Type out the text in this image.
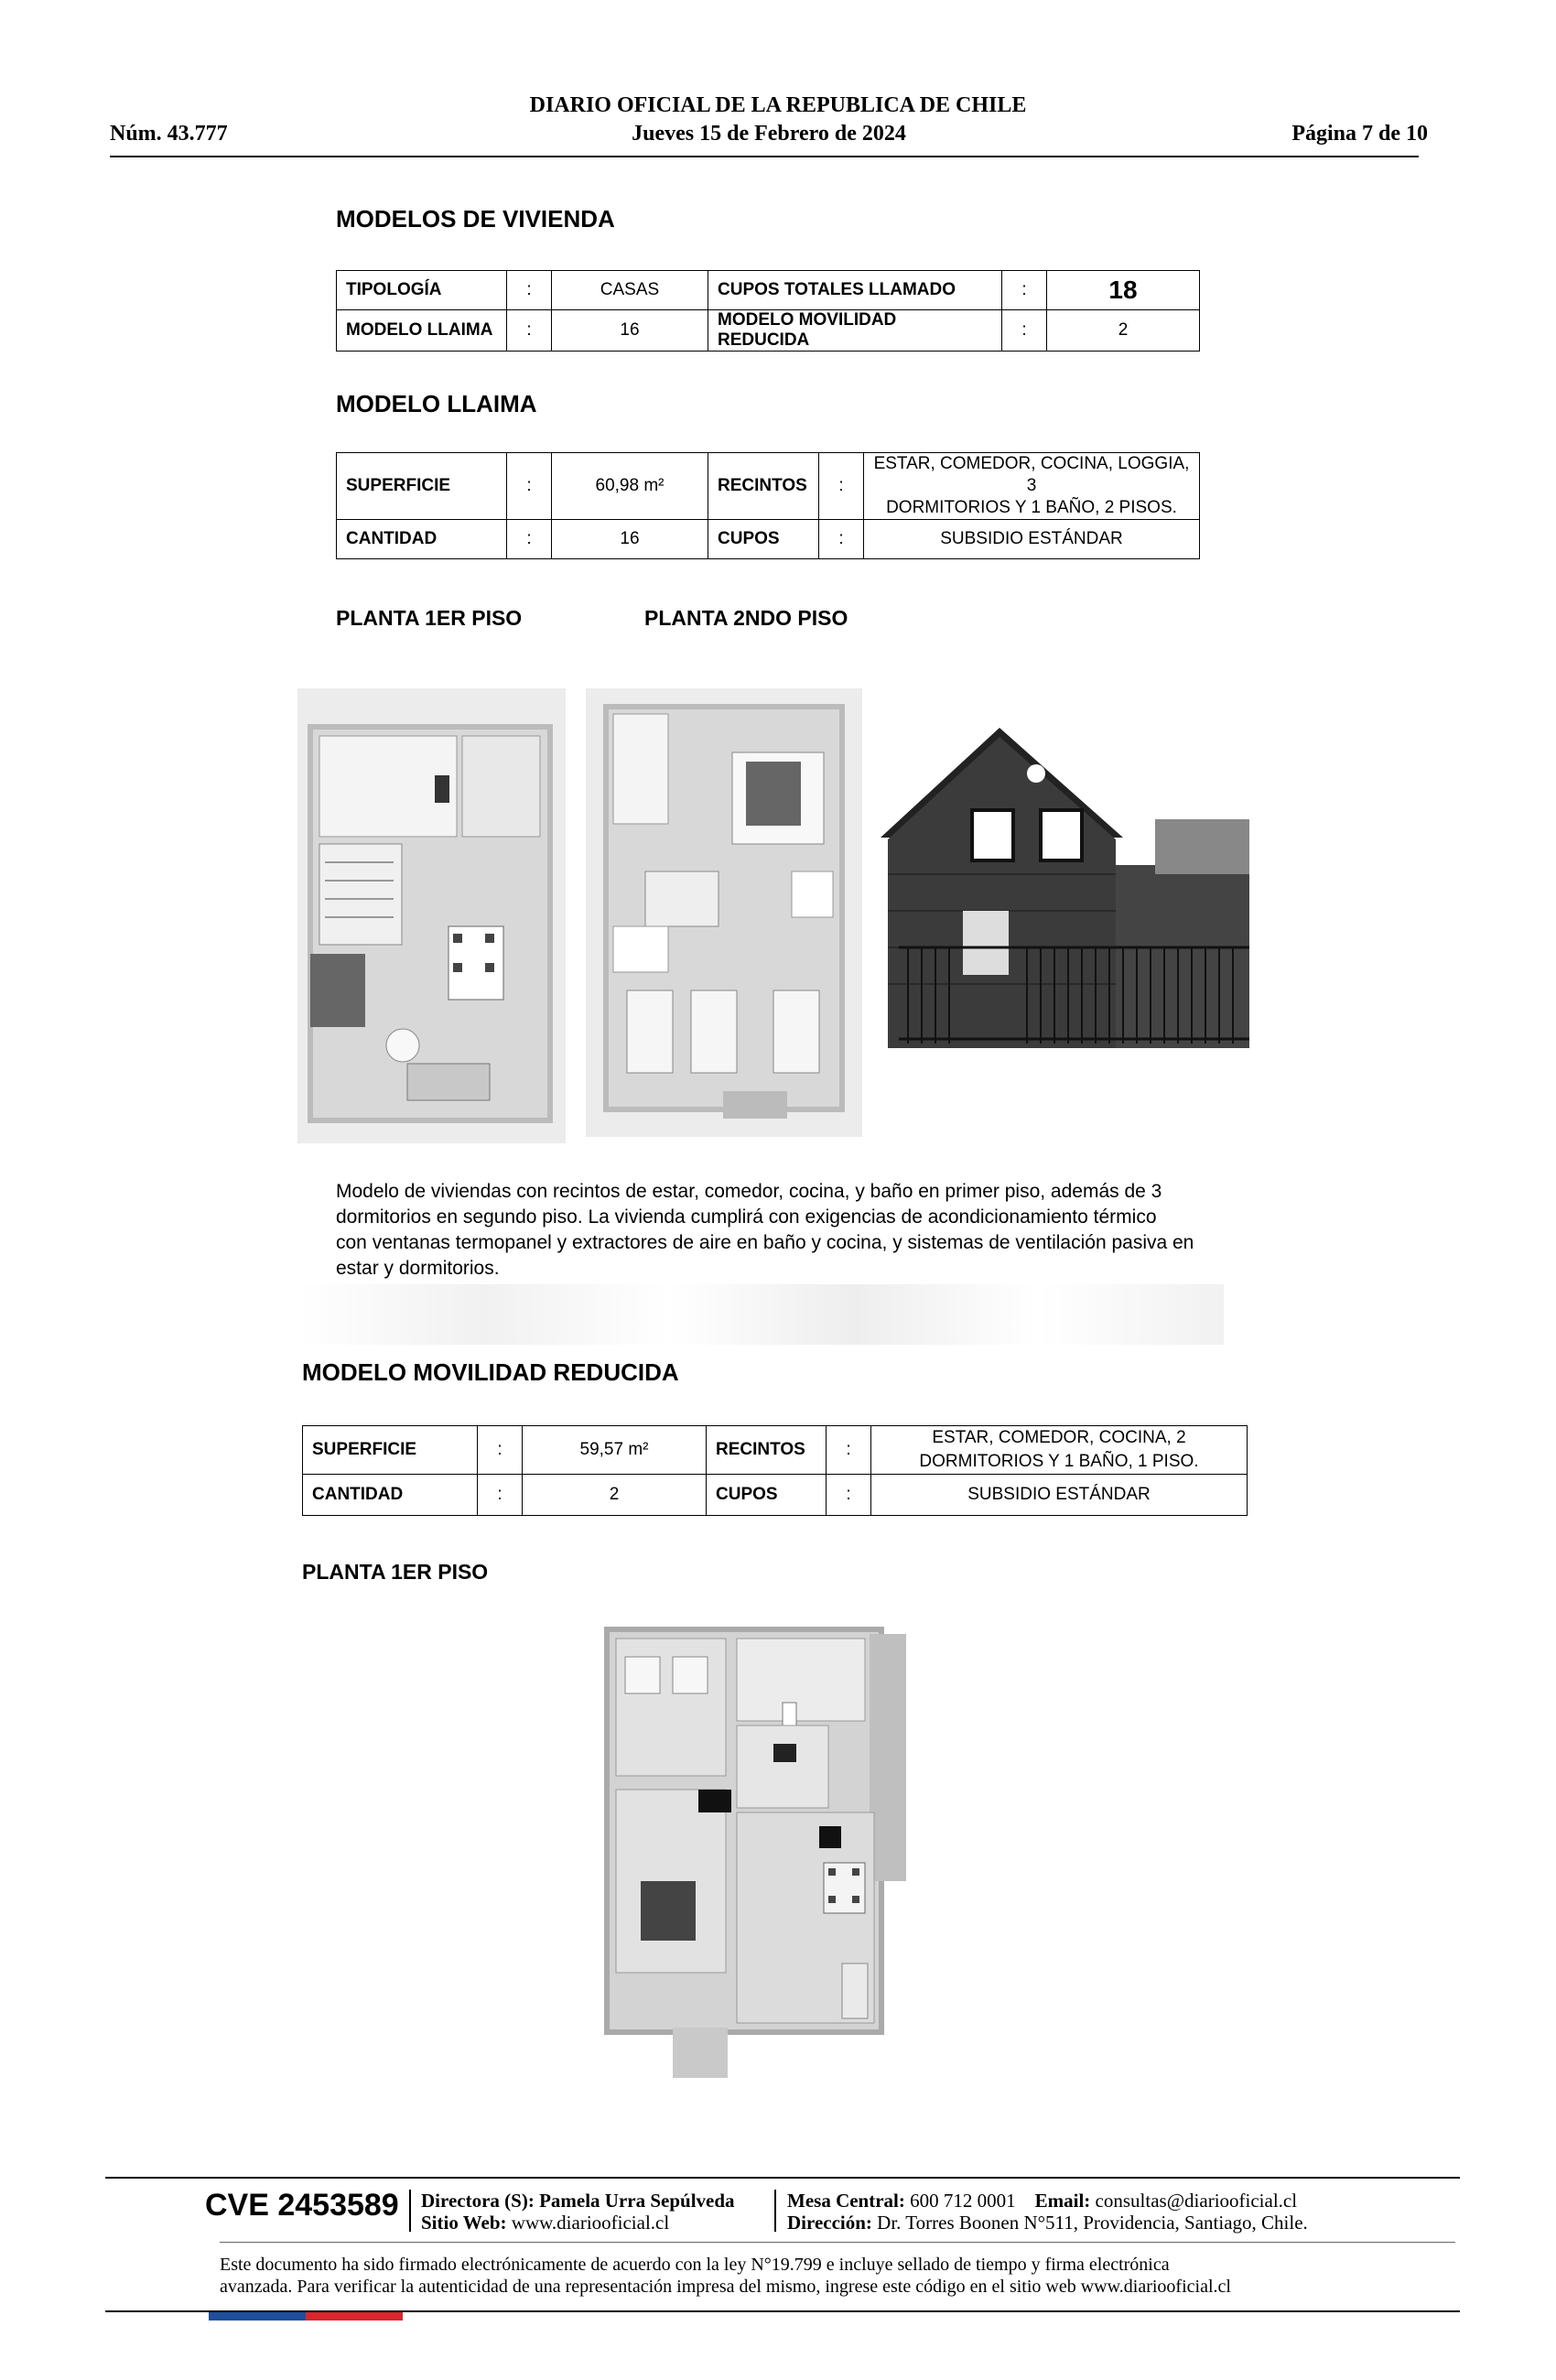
DIARIO OFICIAL DE LA REPUBLICA DE CHILE
Núm. 43.777	Jueves 15 de Febrero de 2024	Página 7 de 10
MODELOS DE VIVIENDA
TIPOLOGÍA	:	CASAS	CUPOS TOTALES LLAMADO	:	18
MODELO LLAIMA	:	16	MODELO MOVILIDAD REDUCIDA	:	2
MODELO LLAIMA
SUPERFICIE	:	60,98 m²	RECINTOS	:	ESTAR, COMEDOR, COCINA, LOGGIA, 3
DORMITORIOS Y 1 BAÑO, 2 PISOS.

CANTIDAD	:	16	CUPOS	:	SUBSIDIO ESTÁNDAR
PLANTA 1ER PISO	PLANTA 2NDO PISO
Modelo de viviendas con recintos de estar, comedor, cocina, y baño en primer piso, además de 3
dormitorios en segundo piso. La vivienda cumplirá con exigencias de acondicionamiento térmico
con ventanas termopanel y extractores de aire en baño y cocina, y sistemas de ventilación pasiva en
estar y dormitorios.
MODELO MOVILIDAD REDUCIDA
SUPERFICIE	:	59,57 m²	RECINTOS	:	ESTAR, COMEDOR, COCINA, 2
DORMITORIOS Y 1 BAÑO, 1 PISO.

CANTIDAD	:	2	CUPOS	:	SUBSIDIO ESTÁNDAR
PLANTA 1ER PISO
CVE 2453589 Directora (S): Pamela Urra Sepúlveda
Sitio Web: www.diariooficial.cl
Mesa Central: 600 712 0001 Email: consultas@diariooficial.cl
Dirección: Dr. Torres Boonen N°511, Providencia, Santiago, Chile.
Este documento ha sido firmado electrónicamente de acuerdo con la ley N°19.799 e incluye sellado de tiempo y firma electrónica
avanzada. Para verificar la autenticidad de una representación impresa del mismo, ingrese este código en el sitio web www.diariooficial.cl
